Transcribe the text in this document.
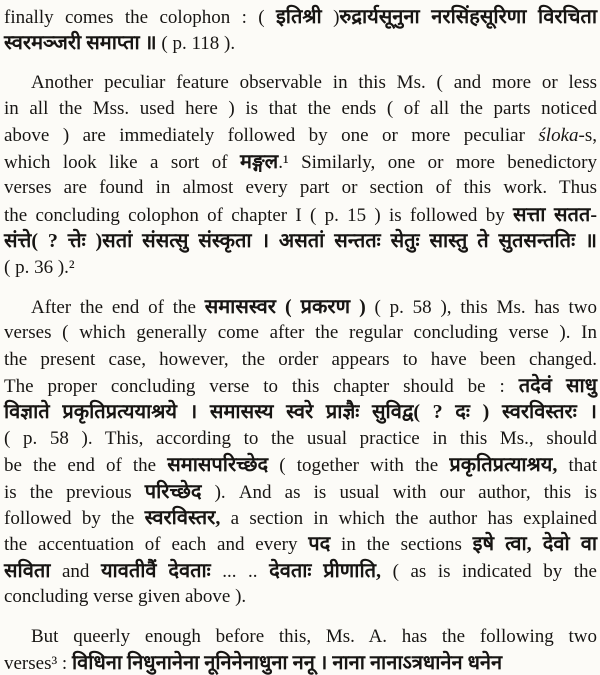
finally comes the colophon : ( इतिश्री )रुद्रार्यसूनुना नरसिंहसूरिणा विरचिता
स्वरमञ्जरी समाप्ता ॥ ( p. 118 ).
Another peculiar feature observable in this Ms. ( and more or less
in all the Mss. used here ) is that the ends ( of all the parts noticed
above ) are immediately followed by one or more peculiar śloka-s,
which look like a sort of मङ्गल.¹ Similarly, one or more benedictory
verses are found in almost every part or section of this work. Thus
the concluding colophon of chapter I ( p. 15 ) is followed by सत्ता सतत-
संत्ते( ? त्तेः )सतां संसत्सु संस्कृता । असतां सन्ततः सेतुः सास्तु ते सुतसन्ततिः ॥
( p. 36 ).²
After the end of the समासस्वर ( प्रकरण ) ( p. 58 ), this Ms. has two
verses ( which generally come after the regular concluding verse ). In
the present case, however, the order appears to have been changed.
The proper concluding verse to this chapter should be : तदेवं साधु
विज्ञाते प्रकृतिप्रत्ययाश्रये । समासस्य स्वरे प्राज्ञैः सुविद्व( ? दः ) स्वरविस्तरः ।
( p. 58 ). This, according to the usual practice in this Ms., should
be the end of the समासपरिच्छेद ( together with the प्रकृतिप्रत्याश्रय, that
is the previous परिच्छेद ). And as is usual with our author, this is
followed by the स्वरविस्तर, a section in which the author has explained
the accentuation of each and every पद in the sections इषे त्वा, देवो वा
सविता and यावतीवैं देवताः ... .. देवताः प्रीणाति, ( as is indicated by the
concluding verse given above ).
But queerly enough before this, Ms. A. has the following two
verses³ : विधिना निधुनानेना नूनिनेनाधुना ननू । नाना नानाऽत्रधानेन धनेन
